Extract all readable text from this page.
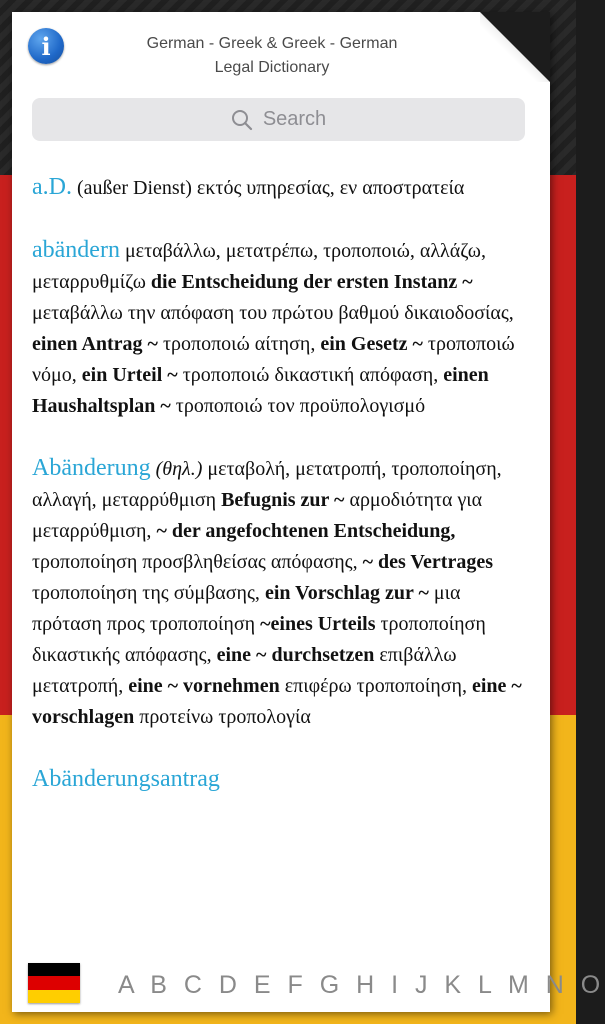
i	German - Greek & Greek - German
Legal Dictionary
Search
a.D. (außer Dienst) εκτός υπηρεσίας, εν αποστρατεία
abändern μεταβάλλω, μετατρέπω, τροποποιώ, αλλάζω, μεταρρυθμίζω die Entscheidung der ersten Instanz ~ μεταβάλλω την απόφαση του πρώτου βαθμού δικαιοδοσίας, einen Antrag ~ τροποποιώ αίτηση, ein Gesetz ~ τροποποιώ νόμο, ein Urteil ~ τροποποιώ δικαστική απόφαση, einen Haushaltsplan ~ τροποποιώ τον προϋπολογισμό
Abänderung (θηλ.) μεταβολή, μετατροπή, τροποποίηση, αλλαγή, μεταρρύθμιση Befugnis zur ~ αρμοδιότητα για μεταρρύθμιση, ~ der angefochtenen Entscheidung, τροποποίηση προσβληθείσας απόφασης, ~ des Vertrages τροποποίηση της σύμβασης, ein Vorschlag zur ~ μια πρόταση προς τροποποίηση ~eines Urteils τροποποίηση δικαστικής απόφασης, eine ~ durchsetzen επιβάλλω μετατροπή, eine ~ vornehmen επιφέρω τροποποίηση, eine ~ vorschlagen προτείνω τροπολογία
Abänderungsantrag
A B C D E F G H I J K L M N O
